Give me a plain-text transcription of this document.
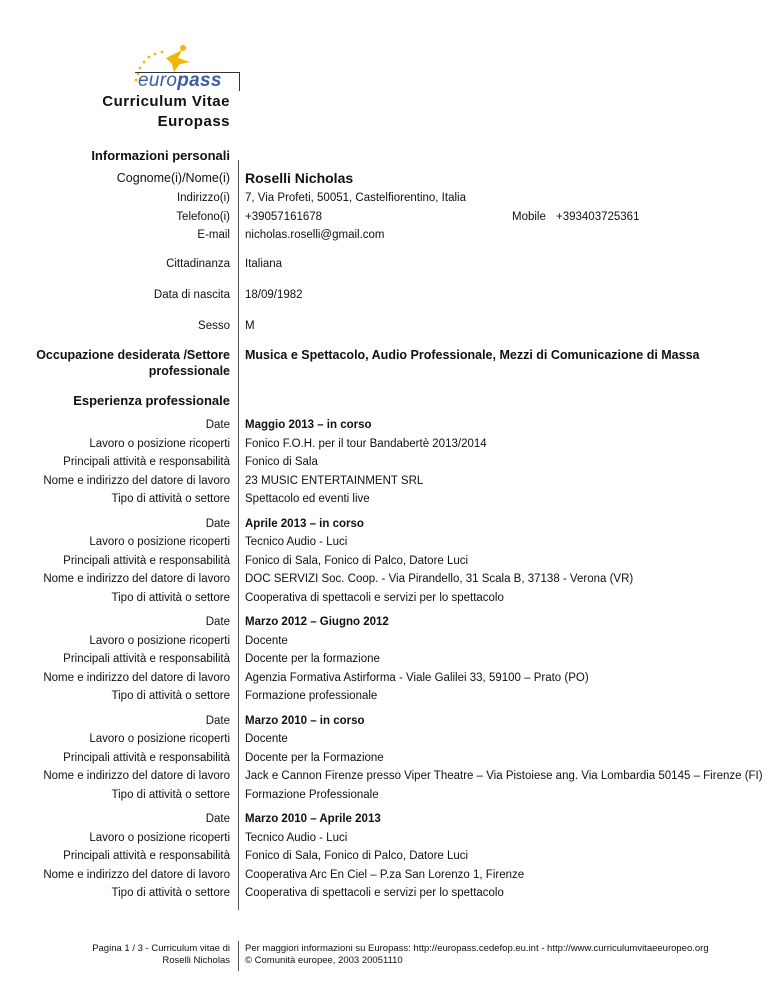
europass
Curriculum Vitae
Europass
Informazioni personali
Cognome(i)/Nome(i) Roselli Nicholas
Indirizzo(i) 7, Via Profeti, 50051, Castelfiorentino, Italia
Telefono(i) +39057161678	Mobile +393403725361
E-mail nicholas.roselli@gmail.com
Cittadinanza Italiana
Data di nascita 18/09/1982
Sesso M
Occupazione desiderata /Settore
professionale
Musica e Spettacolo, Audio Professionale, Mezzi di Comunicazione di Massa
Esperienza professionale
Date Maggio 2013 – in corso
Lavoro o posizione ricoperti Fonico F.O.H. per il tour Bandabertè 2013/2014
Principali attività e responsabilità Fonico di Sala
Nome e indirizzo del datore di lavoro 23 MUSIC ENTERTAINMENT SRL
Tipo di attività o settore Spettacolo ed eventi live
Date Aprile 2013 – in corso
Lavoro o posizione ricoperti Tecnico Audio - Luci
Principali attività e responsabilità Fonico di Sala, Fonico di Palco, Datore Luci
Nome e indirizzo del datore di lavoro DOC SERVIZI Soc. Coop. - Via Pirandello, 31 Scala B, 37138 - Verona (VR)
Tipo di attività o settore Cooperativa di spettacoli e servizi per lo spettacolo
Date Marzo 2012 – Giugno 2012
Lavoro o posizione ricoperti Docente
Principali attività e responsabilità Docente per la formazione
Nome e indirizzo del datore di lavoro Agenzia Formativa Astirforma - Viale Galilei 33, 59100 – Prato (PO)
Tipo di attività o settore Formazione professionale
Date Marzo 2010 – in corso
Lavoro o posizione ricoperti Docente
Principali attività e responsabilità Docente per la Formazione
Nome e indirizzo del datore di lavoro Jack e Cannon Firenze presso Viper Theatre – Via Pistoiese ang. Via Lombardia 50145 – Firenze (FI)
Tipo di attività o settore Formazione Professionale
Date Marzo 2010 – Aprile 2013
Lavoro o posizione ricoperti Tecnico Audio - Luci
Principali attività e responsabilità Fonico di Sala, Fonico di Palco, Datore Luci
Nome e indirizzo del datore di lavoro Cooperativa Arc En Ciel – P.za San Lorenzo 1, Firenze
Tipo di attività o settore Cooperativa di spettacoli e servizi per lo spettacolo
Pagina 1 / 3 - Curriculum vitae di
Roselli Nicholas
Per maggiori informazioni su Europass: http://europass.cedefop.eu.int - http://www.curriculumvitaeeuropeo.org
© Comunità europee, 2003 20051110
